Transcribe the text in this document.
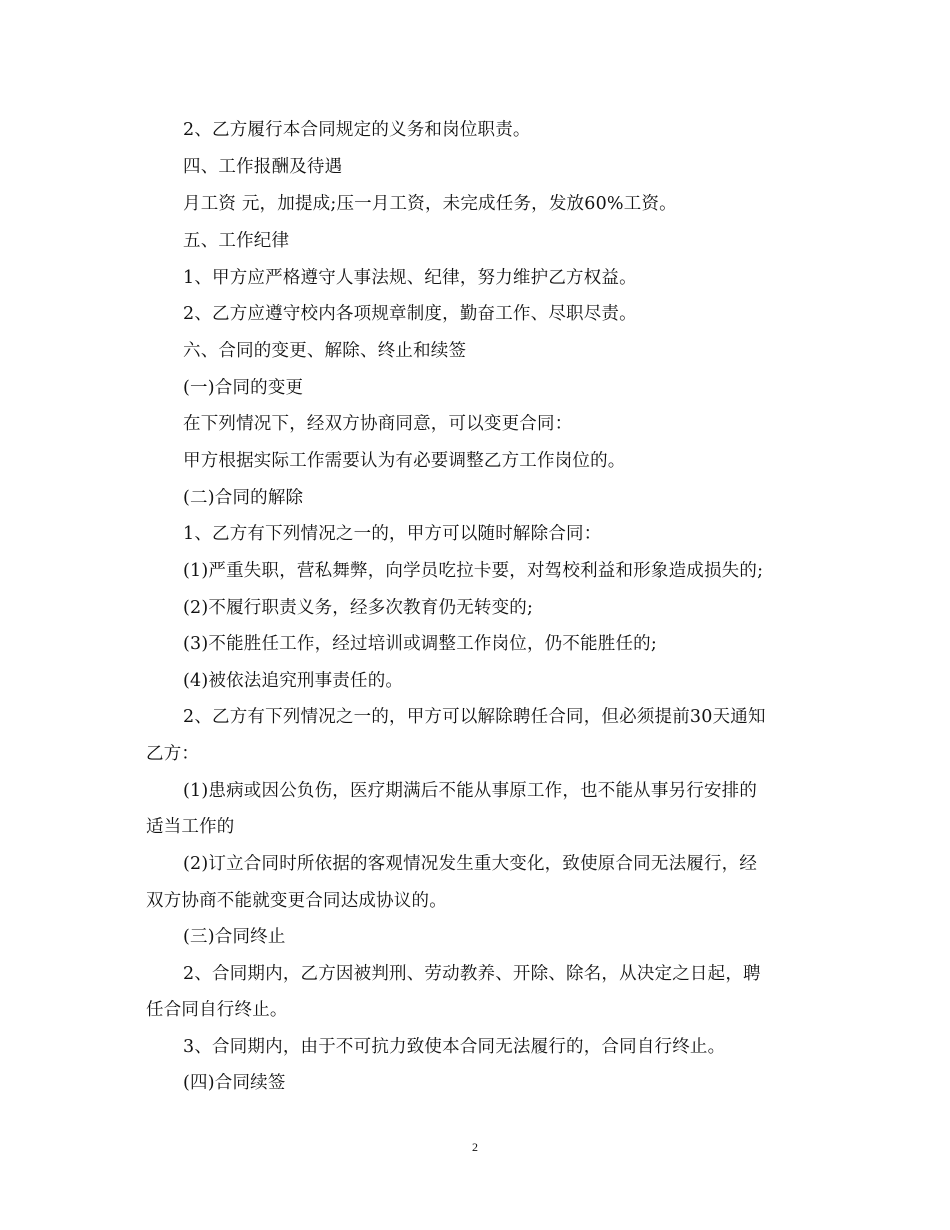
2、乙方履行本合同规定的义务和岗位职责。
四、工作报酬及待遇
月工资 元，加提成;压一月工资，未完成任务，发放60%工资。
五、工作纪律
1、甲方应严格遵守人事法规、纪律，努力维护乙方权益。
2、乙方应遵守校内各项规章制度，勤奋工作、尽职尽责。
六、合同的变更、解除、终止和续签
(一)合同的变更
在下列情况下，经双方协商同意，可以变更合同：
甲方根据实际工作需要认为有必要调整乙方工作岗位的。
(二)合同的解除
1、乙方有下列情况之一的，甲方可以随时解除合同：
(1)严重失职，营私舞弊，向学员吃拉卡要，对驾校利益和形象造成损失的;
(2)不履行职责义务，经多次教育仍无转变的;
(3)不能胜任工作，经过培训或调整工作岗位，仍不能胜任的;
(4)被依法追究刑事责任的。
2、乙方有下列情况之一的，甲方可以解除聘任合同，但必须提前30天通知
乙方：
(1)患病或因公负伤，医疗期满后不能从事原工作，也不能从事另行安排的
适当工作的
(2)订立合同时所依据的客观情况发生重大变化，致使原合同无法履行，经
双方协商不能就变更合同达成协议的。
(三)合同终止
2、合同期内，乙方因被判刑、劳动教养、开除、除名，从决定之日起，聘
任合同自行终止。
3、合同期内，由于不可抗力致使本合同无法履行的，合同自行终止。
(四)合同续签
2
